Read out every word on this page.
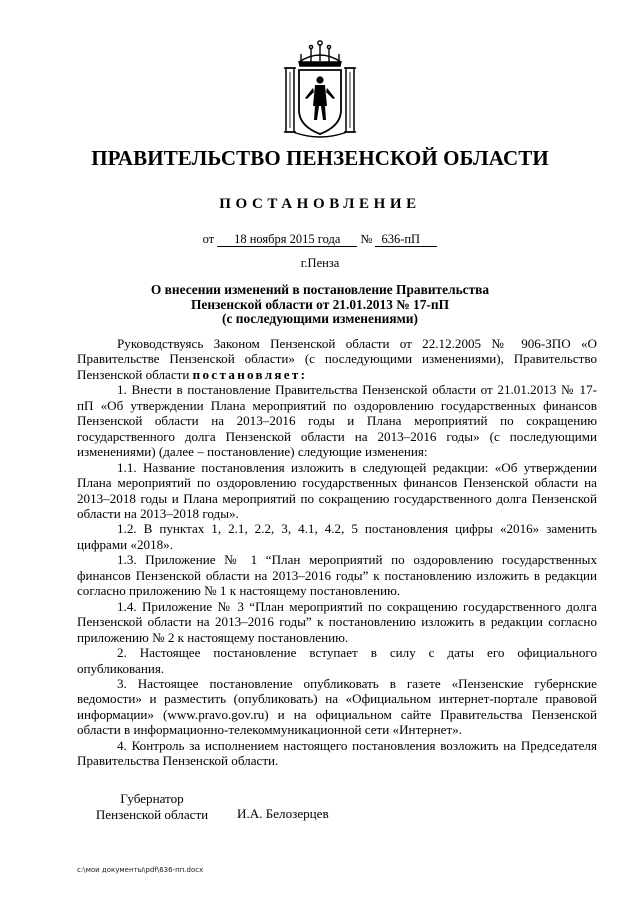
ПРАВИТЕЛЬСТВО ПЕНЗЕНСКОЙ ОБЛАСТИ
ПОСТАНОВЛЕНИЕ
от 18 ноября 2015 года № 636-пП
г.Пенза
О внесении изменений в постановление Правительства
Пензенской области от 21.01.2013 № 17-пП
(с последующими изменениями)

Руководствуясь Законом Пензенской области от 22.12.2005 № 906-ЗПО «О Правительстве Пензенской области» (с последующими изменениями), Правительство Пензенской области постановляет:

1. Внести в постановление Правительства Пензенской области от 21.01.2013 № 17-пП «Об утверждении Плана мероприятий по оздоровлению государственных финансов Пензенской области на 2013–2016 годы и Плана мероприятий по сокращению государственного долга Пензенской области на 2013–2016 годы» (с последующими изменениями) (далее – постановление) следующие изменения:

1.1. Название постановления изложить в следующей редакции: «Об утверждении Плана мероприятий по оздоровлению государственных финансов Пензенской области на 2013–2018 годы и Плана мероприятий по сокращению государственного долга Пензенской области на 2013–2018 годы».

1.2. В пунктах 1, 2.1, 2.2, 3, 4.1, 4.2, 5 постановления цифры «2016» заменить цифрами «2018».

1.3. Приложение № 1 “План мероприятий по оздоровлению государственных финансов Пензенской области на 2013–2016 годы” к постановлению изложить в редакции согласно приложению № 1 к настоящему постановлению.

1.4. Приложение № 3 “План мероприятий по сокращению государственного долга Пензенской области на 2013–2016 годы” к постановлению изложить в редакции согласно приложению № 2 к настоящему постановлению.

2. Настоящее постановление вступает в силу с даты его официального опубликования.

3. Настоящее постановление опубликовать в газете «Пензенские губернские ведомости» и разместить (опубликовать) на «Официальном интернет-портале правовой информации» (www.pravo.gov.ru) и на официальном сайте Правительства Пензенской области в информационно-телекоммуникационной сети «Интернет».

4. Контроль за исполнением настоящего постановления возложить на Председателя Правительства Пензенской области.

Губернатор
Пензенской области	И.А. Белозерцев
c:\мои документы\pdf\636-пп.docx
